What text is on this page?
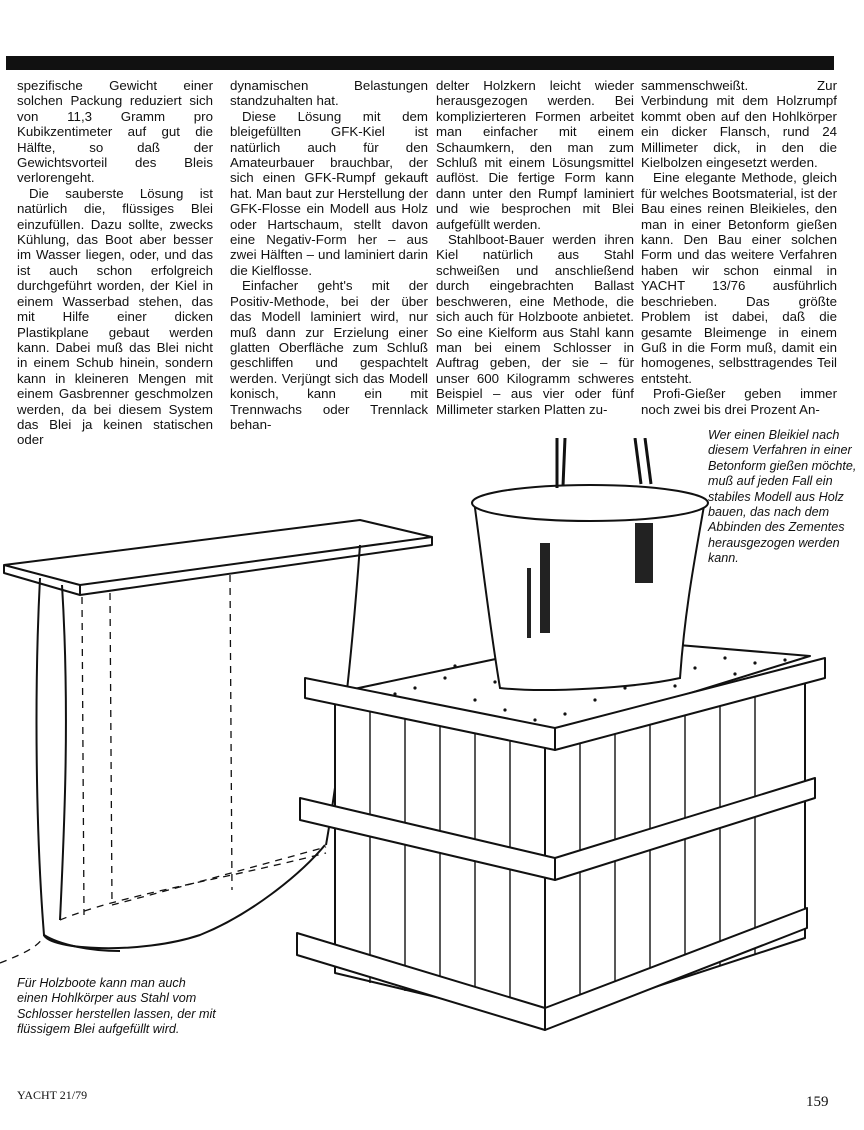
spezifische Gewicht einer solchen Packung reduziert sich von 11,3 Gramm pro Kubikzentimeter auf gut die Hälfte, so daß der Gewichtsvorteil des Bleis verlorengeht.

Die sauberste Lösung ist natürlich die, flüssiges Blei einzufüllen. Dazu sollte, zwecks Kühlung, das Boot aber besser im Wasser liegen, oder, und das ist auch schon erfolgreich durchgeführt worden, der Kiel in einem Wasserbad stehen, das mit Hilfe einer dicken Plastikplane gebaut werden kann. Dabei muß das Blei nicht in einem Schub hinein, sondern kann in kleineren Mengen mit einem Gasbrenner geschmolzen werden, da bei diesem System das Blei ja keinen statischen oder

dynamischen Belastungen standzuhalten hat.

Diese Lösung mit dem bleigefüllten GFK-Kiel ist natürlich auch für den Amateurbauer brauchbar, der sich einen GFK-Rumpf gekauft hat. Man baut zur Herstellung der GFK-Flosse ein Modell aus Holz oder Hartschaum, stellt davon eine Negativ-Form her – aus zwei Hälften – und laminiert darin die Kielflosse.

Einfacher geht's mit der Positiv-Methode, bei der über das Modell laminiert wird, nur muß dann zur Erzielung einer glatten Oberfläche zum Schluß geschliffen und gespachtelt werden. Verjüngt sich das Modell konisch, kann ein mit Trennwachs oder Trennlack behan-

delter Holzkern leicht wieder herausgezogen werden. Bei komplizierteren Formen arbeitet man einfacher mit einem Schaumkern, den man zum Schluß mit einem Lösungsmittel auflöst. Die fertige Form kann dann unter den Rumpf laminiert und wie besprochen mit Blei aufgefüllt werden.

Stahlboot-Bauer werden ihren Kiel natürlich aus Stahl schweißen und anschließend durch eingebrachten Ballast beschweren, eine Methode, die sich auch für Holzboote anbietet. So eine Kielform aus Stahl kann man bei einem Schlosser in Auftrag geben, der sie – für unser 600 Kilogramm schweres Beispiel – aus vier oder fünf Millimeter starken Platten zu-

sammenschweißt. Zur Verbindung mit dem Holzrumpf kommt oben auf den Hohlkörper ein dicker Flansch, rund 24 Millimeter dick, in den die Kielbolzen eingesetzt werden.

Eine elegante Methode, gleich für welches Bootsmaterial, ist der Bau eines reinen Bleikieles, den man in einer Betonform gießen kann. Den Bau einer solchen Form und das weitere Verfahren haben wir schon einmal in YACHT 13/76 ausführlich beschrieben. Das größte Problem ist dabei, daß die gesamte Bleimenge in einem Guß in die Form muß, damit ein homogenes, selbsttragendes Teil entsteht.

Profi-Gießer geben immer noch zwei bis drei Prozent An-

Wer einen Bleikiel nach diesem Verfahren in einer Betonform gießen möchte, muß auf jeden Fall ein stabiles Modell aus Holz bauen, das nach dem Abbinden des Zementes herausgezogen werden kann.
Für Holzboote kann man auch einen Hohlkörper aus Stahl vom Schlosser herstellen lassen, der mit flüssigem Blei aufgefüllt wird.
YACHT 21/79	159
